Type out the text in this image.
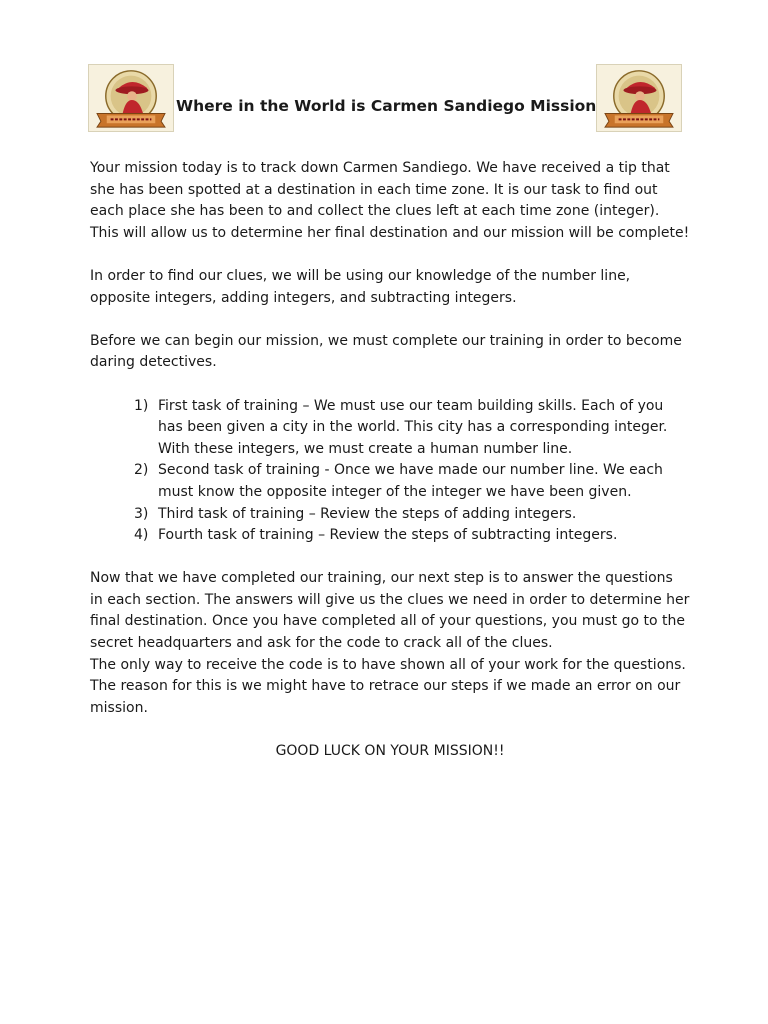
Where in the World is Carmen Sandiego Mission

Your mission today is to track down Carmen Sandiego. We have received a tip that she has been spotted at a destination in each time zone. It is our task to find out each place she has been to and collect the clues left at each time zone (integer). This will allow us to determine her final destination and our mission will be complete!

In order to find our clues, we will be using our knowledge of the number line, opposite integers, adding integers, and subtracting integers.

Before we can begin our mission, we must complete our training in order to become daring detectives.

1) First task of training – We must use our team building skills. Each of you has been given a city in the world. This city has a corresponding integer. With these integers, we must create a human number line.
2) Second task of training - Once we have made our number line. We each must know the opposite integer of the integer we have been given.
3) Third task of training – Review the steps of adding integers.
4) Fourth task of training – Review the steps of subtracting integers.

Now that we have completed our training, our next step is to answer the questions in each section. The answers will give us the clues we need in order to determine her final destination. Once you have completed all of your questions, you must go to the secret headquarters and ask for the code to crack all of the clues.

The only way to receive the code is to have shown all of your work for the questions. The reason for this is we might have to retrace our steps if we made an error on our mission.

GOOD LUCK ON YOUR MISSION!!
